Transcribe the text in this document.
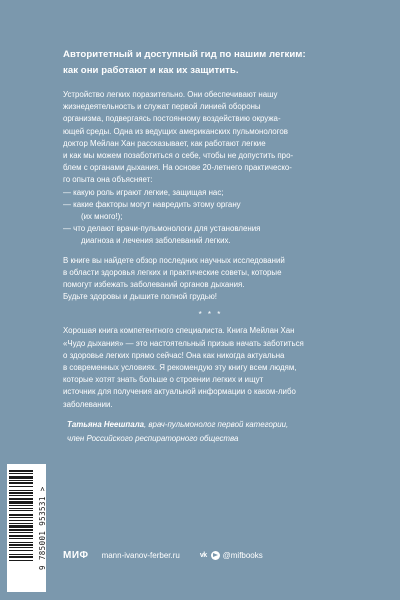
Авторитетный и доступный гид по нашим легким:
как они работают и как их защитить.
Устройство легких поразительно. Они обеспечивают нашу
жизнедеятельность и служат первой линией обороны
организма, подвергаясь постоянному воздействию окружа-
ющей среды. Одна из ведущих американских пульмонологов
доктор Мейлан Хан рассказывает, как работают легкие
и как мы можем позаботиться о себе, чтобы не допустить про-
блем с органами дыхания. На основе 20-летнего практическо-
го опыта она объясняет:
— какую роль играют легкие, защищая нас;
— какие факторы могут навредить этому органу
(их много!);
— что делают врачи-пульмонологи для установления
диагноза и лечения заболеваний легких.
В книге вы найдете обзор последних научных исследований
в области здоровья легких и практические советы, которые
помогут избежать заболеваний органов дыхания.
Будьте здоровы и дышите полной грудью!
* * *
Хорошая книга компетентного специалиста. Книга Мейлан Хан
«Чудо дыхания» — это настоятельный призыв начать заботиться
о здоровье легких прямо сейчас! Она как никогда актуальна
в современных условиях. Я рекомендую эту книгу всем людям,
которые хотят знать больше о строении легких и ищут
источник для получения актуальной информации о каком-либо
заболевании.
Татьяна Неешпала, врач-пульмонолог первой категории,
член Российского респираторного общества
9 785001 953531 > МИФ mann-ivanov-ferber.ru	vk @mifbooks
